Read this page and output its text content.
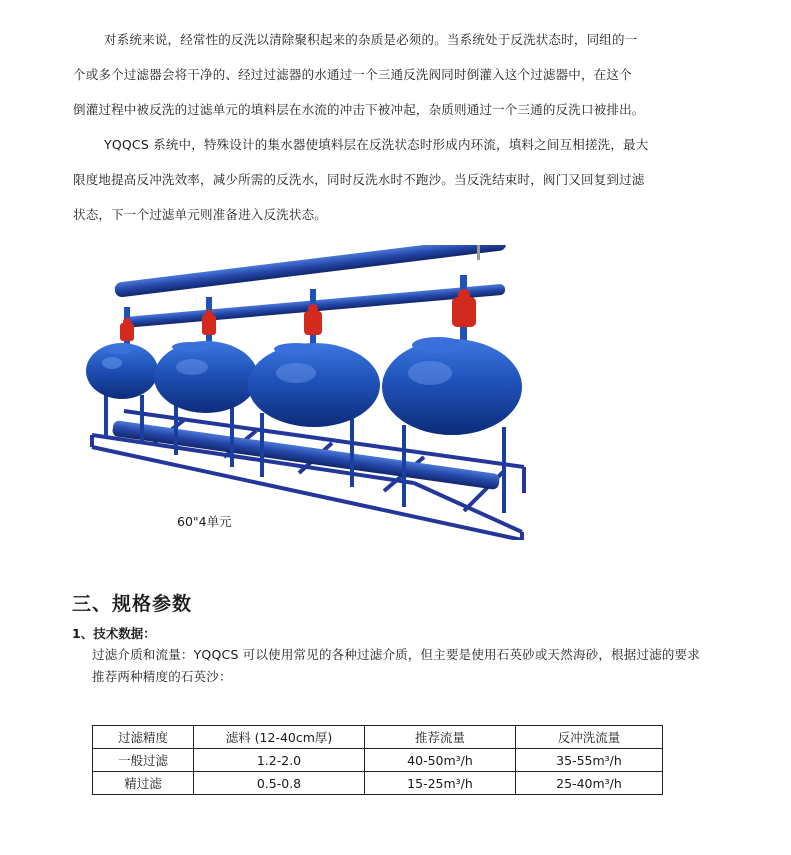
对系统来说，经常性的反洗以清除聚积起来的杂质是必须的。当系统处于反洗状态时，同组的一
个或多个过滤器会将干净的、经过过滤器的水通过一个三通反洗阀同时倒灌入这个过滤器中，在这个
倒灌过程中被反洗的过滤单元的填料层在水流的冲击下被冲起，杂质则通过一个三通的反洗口被排出。
YQQCS 系统中，特殊设计的集水器使填料层在反洗状态时形成内环流，填料之间互相搓洗，最大
限度地提高反冲洗效率，减少所需的反洗水，同时反洗水时不跑沙。当反洗结束时，阀门又回复到过滤
状态，下一个过滤单元则准备进入反洗状态。
60"4单元
三、规格参数
1、技术数据：
过滤介质和流量：YQQCS 可以使用常见的各种过滤介质，但主要是使用石英砂或天然海砂，根据过滤的要求
推荐两种精度的石英沙：
过滤精度	滤料 (12-40cm厚)	推荐流量	反冲洗流量
一般过滤	1.2-2.0	40-50m³/h	35-55m³/h
精过滤	0.5-0.8	15-25m³/h	25-40m³/h
